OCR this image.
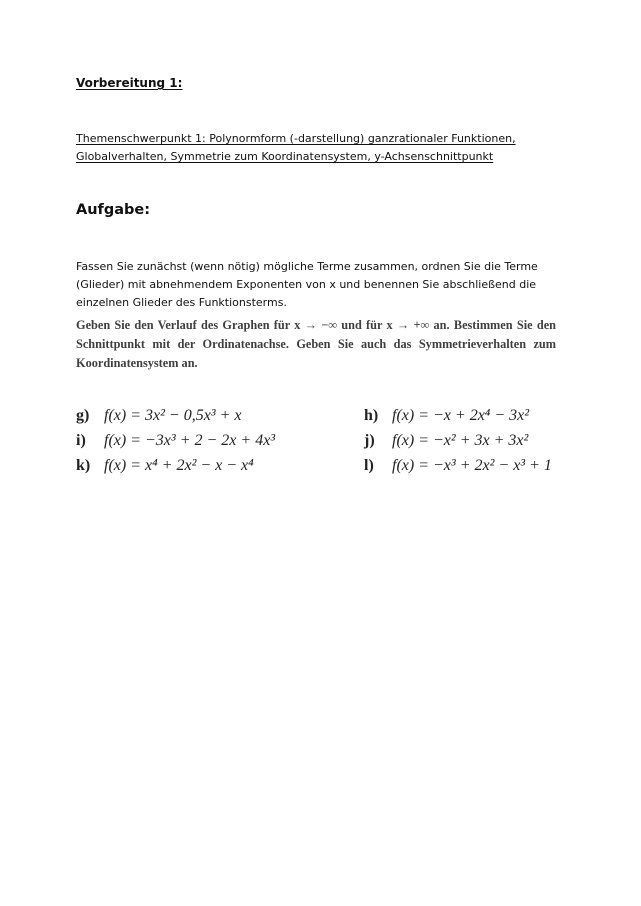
Vorbereitung 1:
Themenschwerpunkt 1: Polynormform (-darstellung) ganzrationaler Funktionen,
Globalverhalten, Symmetrie zum Koordinatensystem, y-Achsenschnittpunkt
Aufgabe:
Fassen Sie zunächst (wenn nötig) mögliche Terme zusammen, ordnen Sie die Terme (Glieder) mit abnehmendem Exponenten von x und benennen Sie abschließend die einzelnen Glieder des Funktionsterms.
Geben Sie den Verlauf des Graphen für x → −∞ und für x → +∞ an. Bestimmen Sie den Schnittpunkt mit der Ordinatenachse. Geben Sie auch das Symmetrieverhalten zum Koordinatensystem an.
g) f(x) = 3x² − 0,5x³ + x	h) f(x) = −x + 2x⁴ − 3x²
i) f(x) = −3x³ + 2 − 2x + 4x³	j) f(x) = −x² + 3x + 3x²
k) f(x) = x⁴ + 2x² − x − x⁴	l) f(x) = −x³ + 2x² − x³ + 1
